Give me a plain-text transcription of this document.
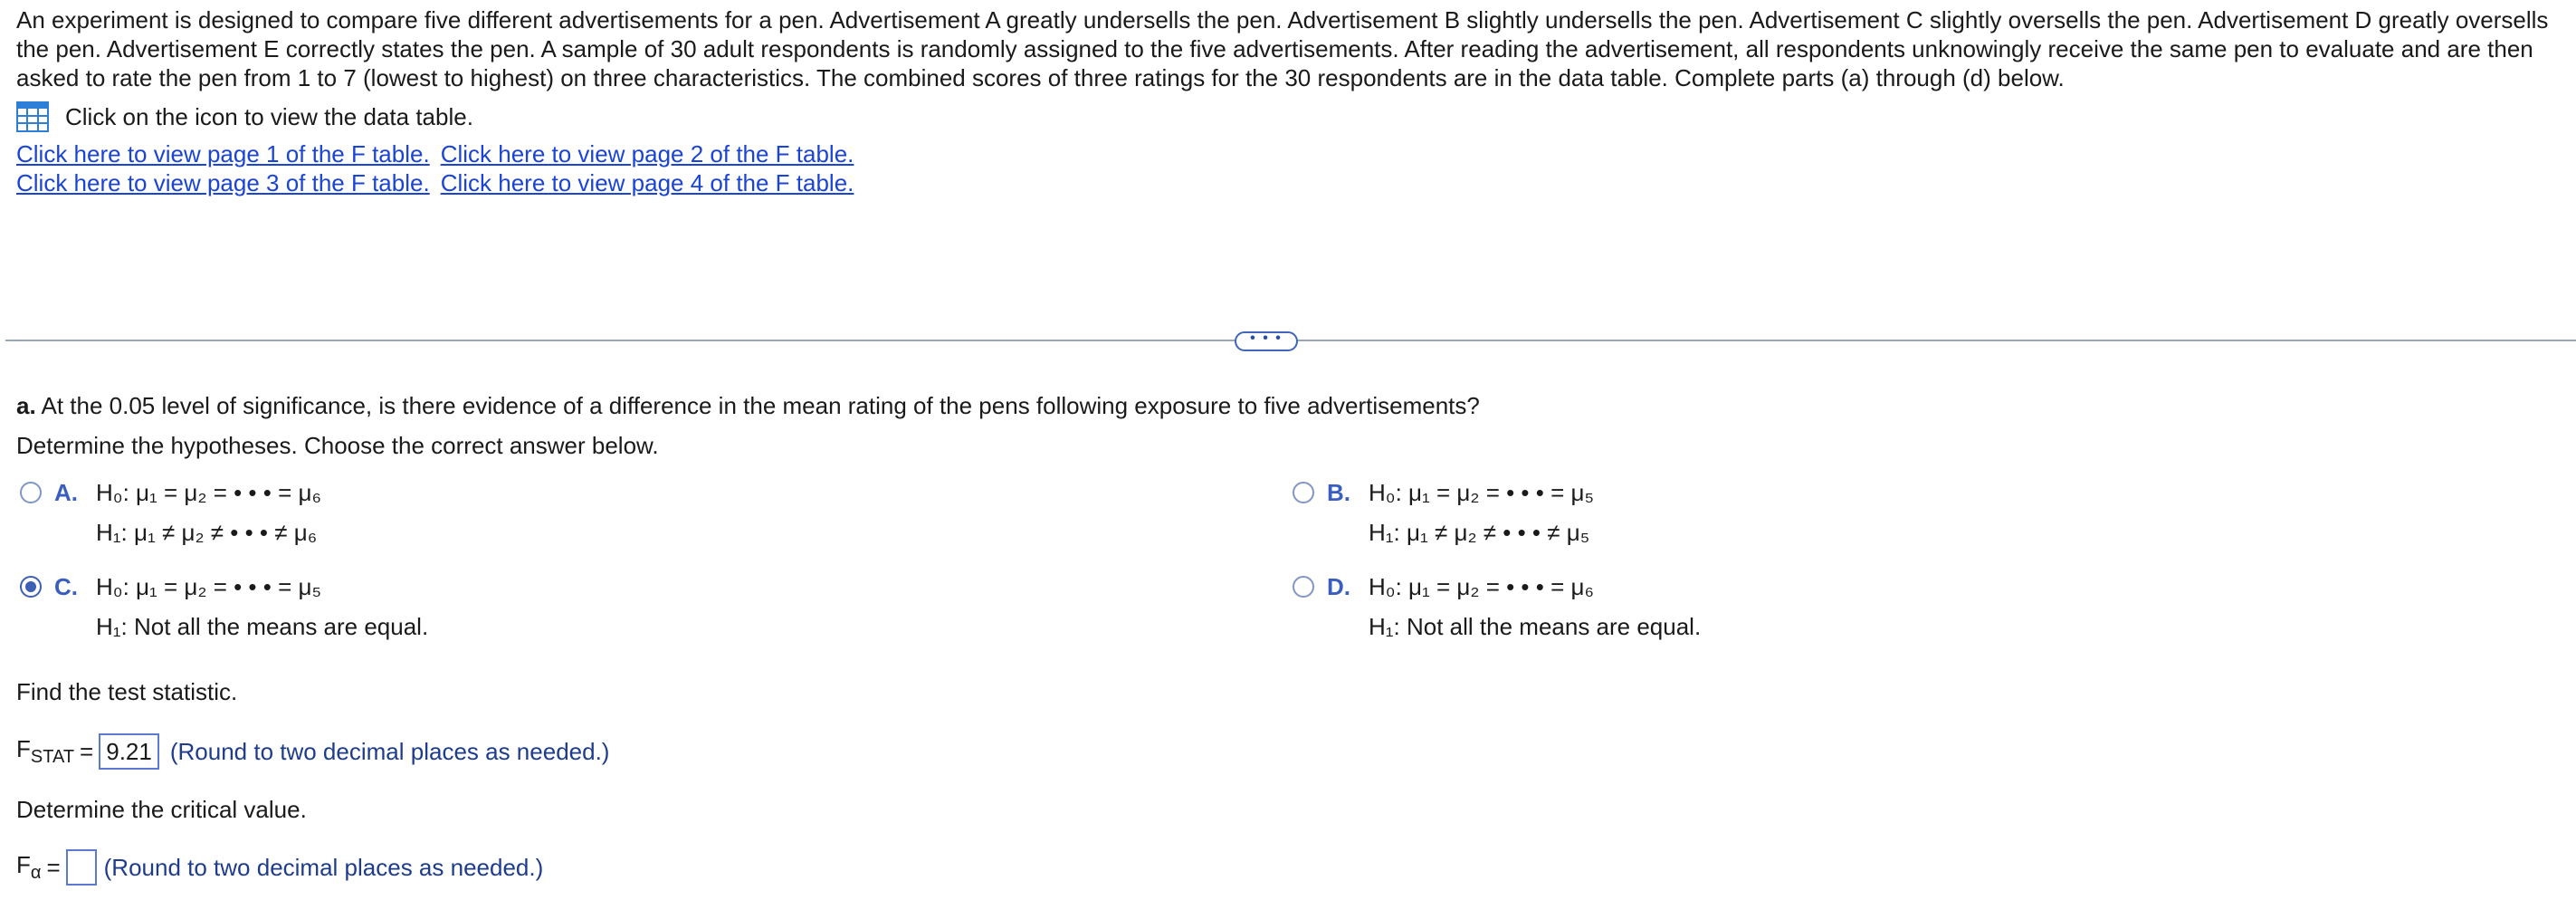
An experiment is designed to compare five different advertisements for a pen. Advertisement A greatly undersells the pen. Advertisement B slightly undersells the pen. Advertisement C slightly oversells the pen. Advertisement D greatly oversells the pen. Advertisement E correctly states the pen. A sample of 30 adult respondents is randomly assigned to the five advertisements. After reading the advertisement, all respondents unknowingly receive the same pen to evaluate and are then asked to rate the pen from 1 to 7 (lowest to highest) on three characteristics. The combined scores of three ratings for the 30 respondents are in the data table. Complete parts (a) through (d) below.

Click on the icon to view the data table.
Click here to view page 1 of the F table. Click here to view page 2 of the F table.
Click here to view page 3 of the F table. Click here to view page 4 of the F table.
• • •
a. At the 0.05 level of significance, is there evidence of a difference in the mean rating of the pens following exposure to five advertisements?
Determine the hypotheses. Choose the correct answer below.
A. H₀: μ₁ = μ₂ = • • • = μ₆
H₁: μ₁ ≠ μ₂ ≠ • • • ≠ μ₆
B. H₀: μ₁ = μ₂ = • • • = μ₅
H₁: μ₁ ≠ μ₂ ≠ • • • ≠ μ₅
C. H₀: μ₁ = μ₂ = • • • = μ₅
H₁: Not all the means are equal.
D. H₀: μ₁ = μ₂ = • • • = μ₆
H₁: Not all the means are equal.
Find the test statistic.
$F_{STAT} = 9.21$ (Round to two decimal places as needed.)
Determine the critical value.
$F_\alpha$ = (Round to two decimal places as needed.)
